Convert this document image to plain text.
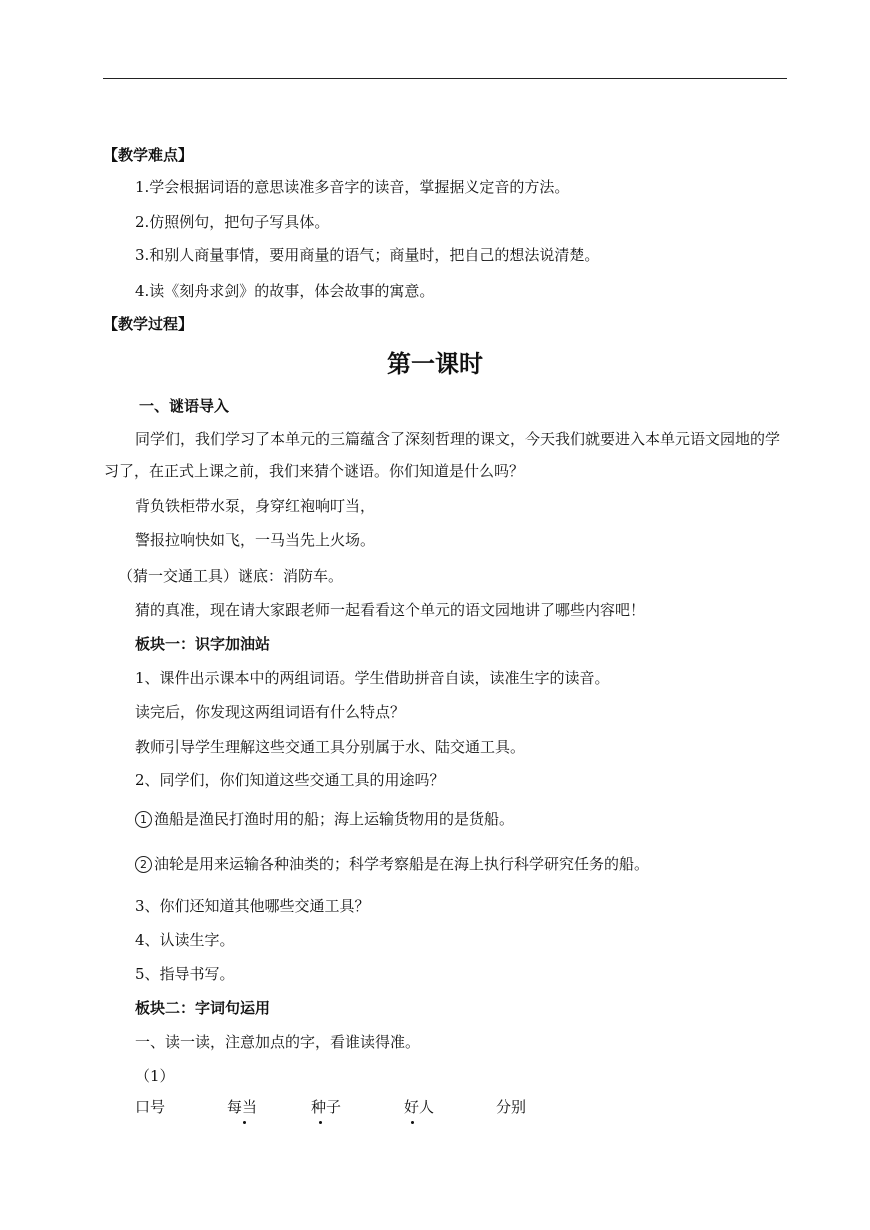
【教学难点】
1.学会根据词语的意思读准多音字的读音，掌握据义定音的方法。
2.仿照例句，把句子写具体。
3.和别人商量事情，要用商量的语气；商量时，把自己的想法说清楚。
4.读《刻舟求剑》的故事，体会故事的寓意。
【教学过程】
第一课时
一、谜语导入
同学们，我们学习了本单元的三篇蕴含了深刻哲理的课文，今天我们就要进入本单元语文园地的学
习了，在正式上课之前，我们来猜个谜语。你们知道是什么吗？
背负铁柜带水泵，身穿红袍响叮当，
警报拉响快如飞，一马当先上火场。
（猜一交通工具）谜底：消防车。
猜的真准，现在请大家跟老师一起看看这个单元的语文园地讲了哪些内容吧！
板块一：识字加油站
1、课件出示课本中的两组词语。学生借助拼音自读，读准生字的读音。
读完后，你发现这两组词语有什么特点？
教师引导学生理解这些交通工具分别属于水、陆交通工具。
2、同学们，你们知道这些交通工具的用途吗？
1 渔船是渔民打渔时用的船；海上运输货物用的是货船。
2 油轮是用来运输各种油类的；科学考察船是在海上执行科学研究任务的船。
3、你们还知道其他哪些交通工具？
4、认读生字。
5、指导书写。
板块二：字词句运用
一、读一读，注意加点的字，看谁读得准。
（1）
口号	每当	种子	好人	分别
